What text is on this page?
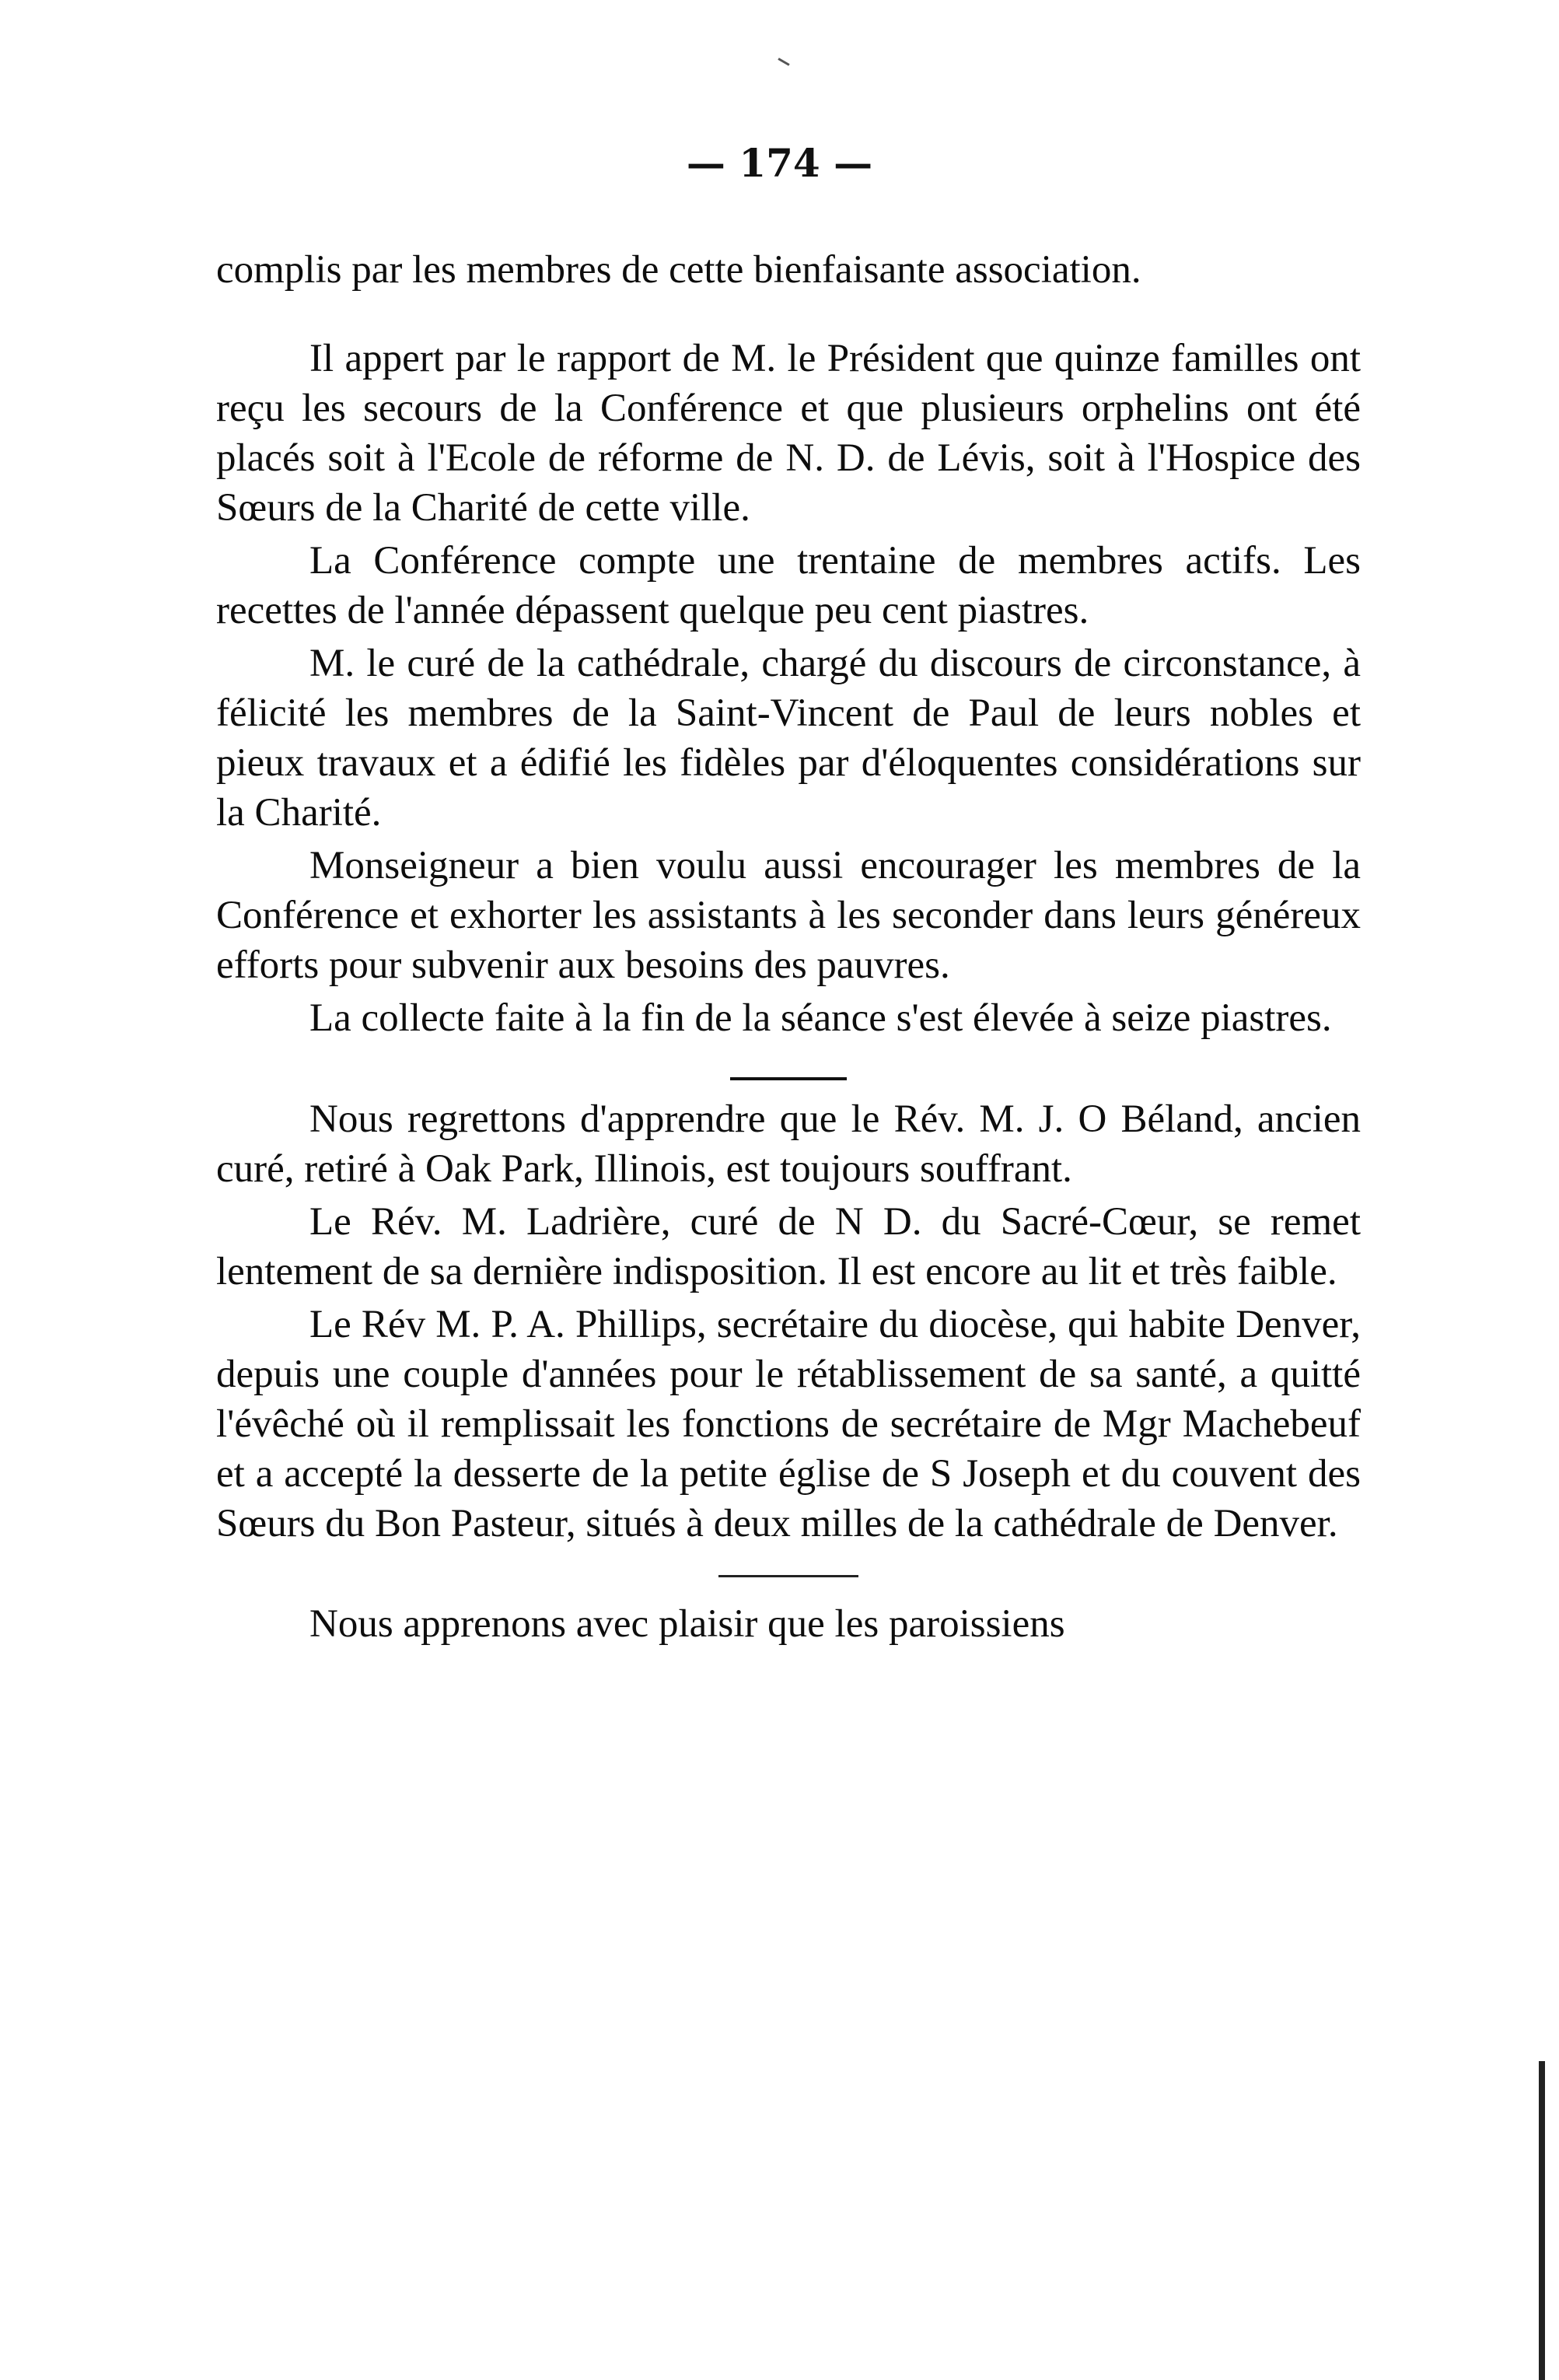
— 174 —

complis par les membres de cette bienfaisante association.

Il appert par le rapport de M. le Président que quinze familles ont reçu les secours de la Conférence et que plusieurs orphelins ont été placés soit à l'Ecole de réforme de N. D. de Lévis, soit à l'Hospice des Sœurs de la Charité de cette ville.

La Conférence compte une trentaine de membres actifs. Les recettes de l'année dépassent quelque peu cent piastres.

M. le curé de la cathédrale, chargé du discours de circonstance, à félicité les membres de la Saint-Vincent de Paul de leurs nobles et pieux travaux et a édifié les fidèles par d'éloquentes considérations sur la Charité.

Monseigneur a bien voulu aussi encourager les membres de la Conférence et exhorter les assistants à les seconder dans leurs généreux efforts pour subvenir aux besoins des pauvres.

La collecte faite à la fin de la séance s'est élevée à seize piastres.

Nous regrettons d'apprendre que le Rév. M. J. O Béland, ancien curé, retiré à Oak Park, Illinois, est toujours souffrant.

Le Rév. M. Ladrière, curé de N D. du Sacré-Cœur, se remet lentement de sa dernière indisposition. Il est encore au lit et très faible.

Le Rév M. P. A. Phillips, secrétaire du diocèse, qui habite Denver, depuis une couple d'années pour le rétablissement de sa santé, a quitté l'évêché où il remplissait les fonctions de secrétaire de Mgr Machebeuf et a accepté la desserte de la petite église de S Joseph et du couvent des Sœurs du Bon Pasteur, situés à deux milles de la cathédrale de Denver.

Nous apprenons avec plaisir que les paroissiens
